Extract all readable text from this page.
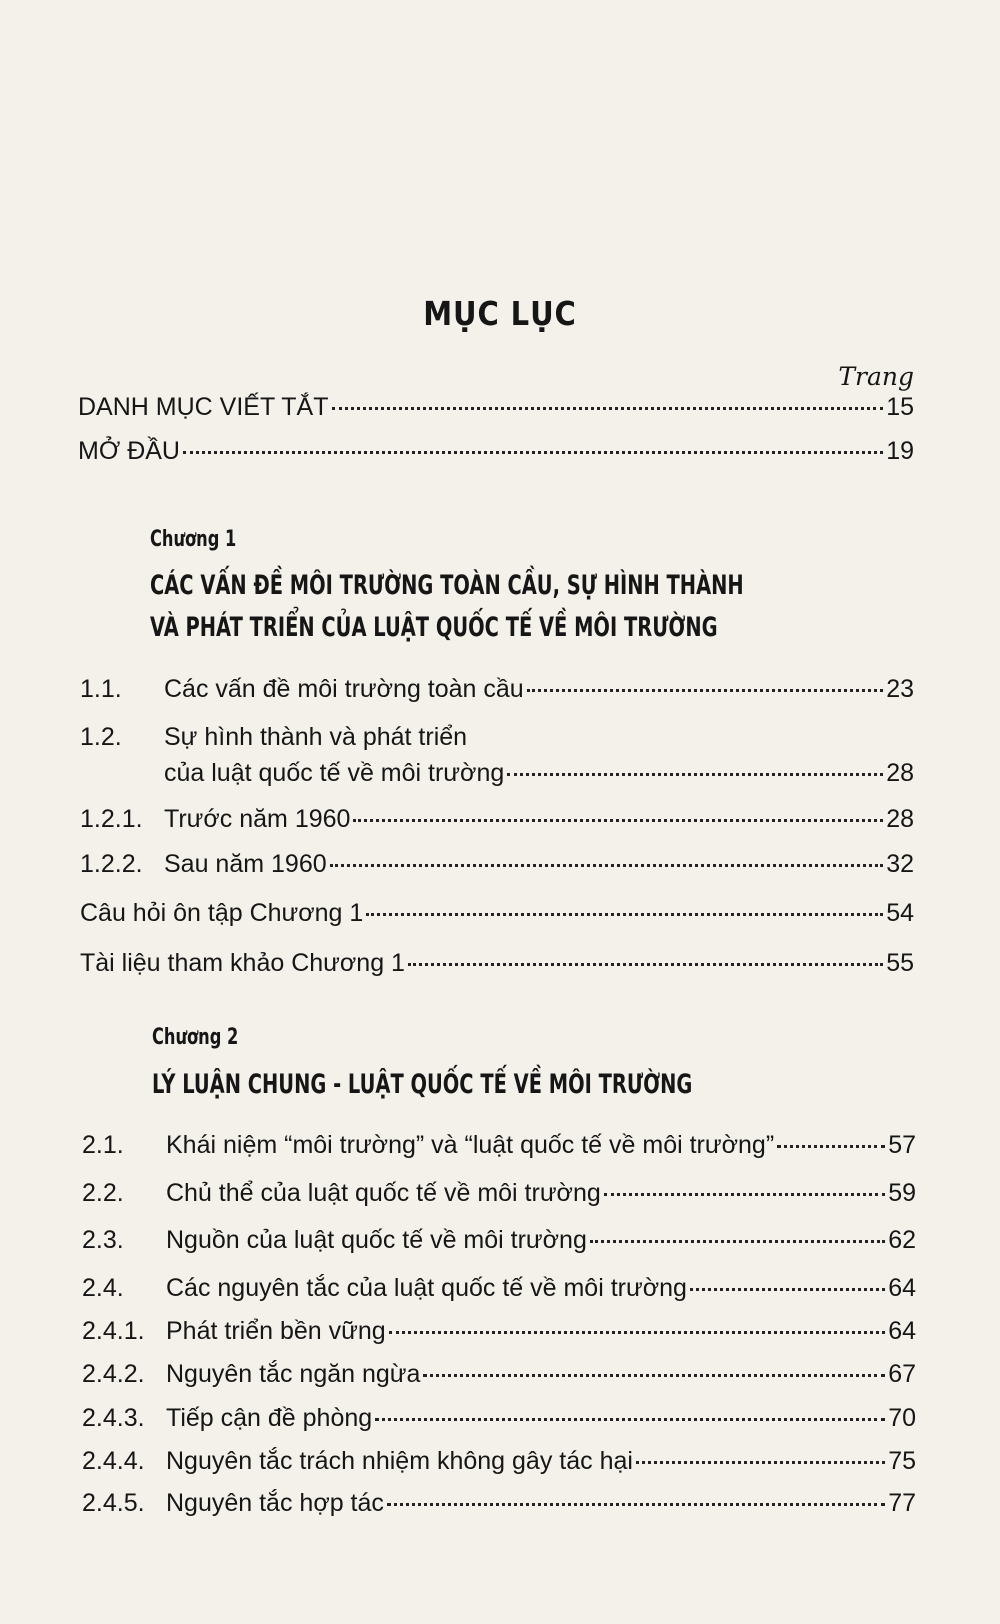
MỤC LỤC
Trang
DANH MỤC VIẾT TẮT	15
MỞ ĐẦU	19
Chương 1
CÁC VẤN ĐỀ MÔI TRƯỜNG TOÀN CẦU, SỰ HÌNH THÀNH
VÀ PHÁT TRIỂN CỦA LUẬT QUỐC TẾ VỀ MÔI TRƯỜNG
1.1.	Các vấn đề môi trường toàn cầu	23
1.2.	Sự hình thành và phát triển
của luật quốc tế về môi trường	28
1.2.1. Trước năm 1960	28
1.2.2. Sau năm 1960	32
Câu hỏi ôn tập Chương 1	54
Tài liệu tham khảo Chương 1	55
Chương 2
LÝ LUẬN CHUNG - LUẬT QUỐC TẾ VỀ MÔI TRƯỜNG
2.1.	Khái niệm “môi trường” và “luật quốc tế về môi trường”	57
2.2.	Chủ thể của luật quốc tế về môi trường	59
2.3.	Nguồn của luật quốc tế về môi trường	62
2.4.	Các nguyên tắc của luật quốc tế về môi trường	64
2.4.1. Phát triển bền vững	64
2.4.2. Nguyên tắc ngăn ngừa	67
2.4.3. Tiếp cận đề phòng	70
2.4.4. Nguyên tắc trách nhiệm không gây tác hại	75
2.4.5. Nguyên tắc hợp tác	77
